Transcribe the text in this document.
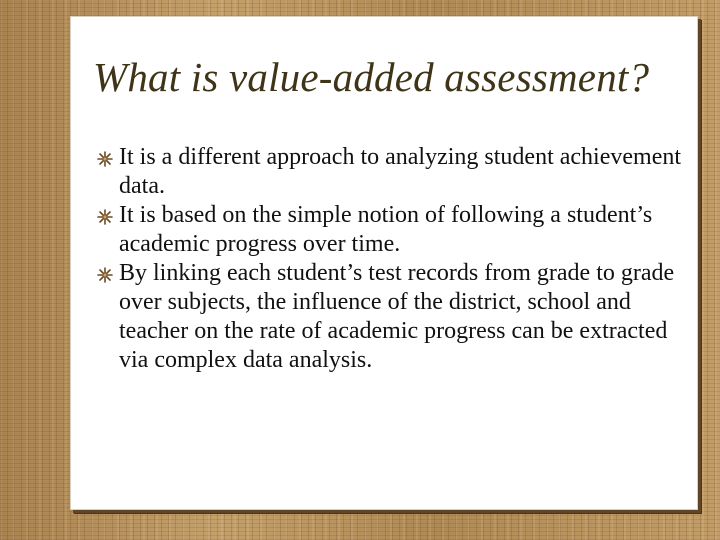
What is value-added assessment?
It is a different approach to analyzing student achievement data.
It is based on the simple notion of following a student’s academic progress over time.
By linking each student’s test records from grade to grade over subjects, the influence of the district, school and teacher on the rate of academic progress can be extracted via complex data analysis.
